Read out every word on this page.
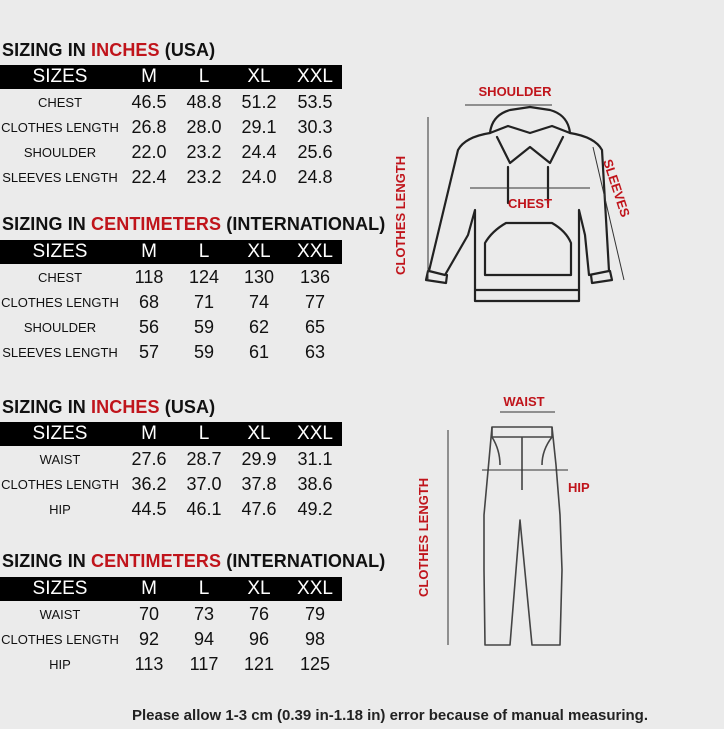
SIZING IN INCHES (USA)
SIZES	M	L	XL	XXL
CHEST	46.5	48.8	51.2	53.5
CLOTHES LENGTH 26.8	28.0	29.1	30.3
SHOULDER	22.0	23.2	24.4	25.6
SLEEVES LENGTH 22.4	23.2	24.0	24.8
SIZING IN CENTIMETERS (INTERNATIONAL)
SIZES	M	L	XL	XXL
CHEST	118	124	130	136
CLOTHES LENGTH	68	71	74	77
SHOULDER	56	59	62	65
SLEEVES LENGTH	57	59	61	63
SIZING IN INCHES (USA)
SIZES	M	L	XL	XXL
WAIST	27.6	28.7	29.9	31.1
CLOTHES LENGTH 36.2	37.0	37.8	38.6
HIP	44.5	46.1	47.6	49.2
SIZING IN CENTIMETERS (INTERNATIONAL)
SIZES	M	L	XL	XXL
WAIST	70	73	76	79
CLOTHES LENGTH	92	94	96	98
HIP	113	117	121	125
SHOULDER
CHEST
CLOTHES LENGTH	SLEEVES
WAIST
HIP
CLOTHES LENGTH
Please allow 1-3 cm (0.39 in-1.18 in) error because of manual measuring.
